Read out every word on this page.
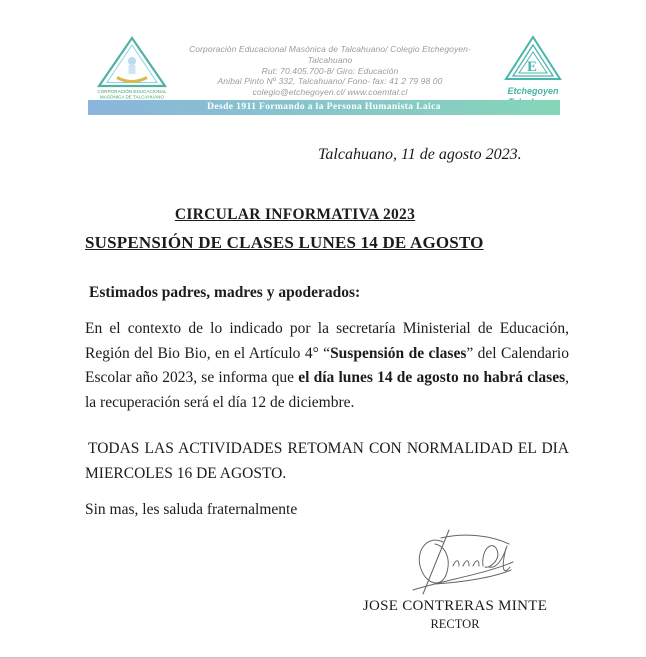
CORPORACIÓN EDUCACIONAL
MASÓNICA DE TALCAHUANO
Corporación Educacional Masónica de Talcahuano/ Colegio Etchegoyen- Talcahuano
Rut: 70.405.700-8/ Giro: Educación
Anibal Pinto Nº 332, Talcahuano/ Fono- fax: 41 2 79 98 00
colegio@etchegoyen.cl/ www.coemtal.cl
E
Etchegoyen
Desde 1911 Formando a la Persona Humanista Laica
Talcahuano, 11 de agosto 2023.
CIRCULAR INFORMATIVA 2023
SUSPENSIÓN DE CLASES LUNES 14 DE AGOSTO
Estimados padres, madres y apoderados:
En el contexto de lo indicado por la secretaría Ministerial de Educación, Región del Bio Bio, en el Artículo 4° “Suspensión de clases” del Calendario Escolar año 2023, se informa que el día lunes 14 de agosto no habrá clases, la recuperación será el día 12 de diciembre.
TODAS LAS ACTIVIDADES RETOMAN CON NORMALIDAD EL DIA MIERCOLES 16 DE AGOSTO.
Sin mas, les saluda fraternalmente
JOSE CONTRERAS MINTE
RECTOR
